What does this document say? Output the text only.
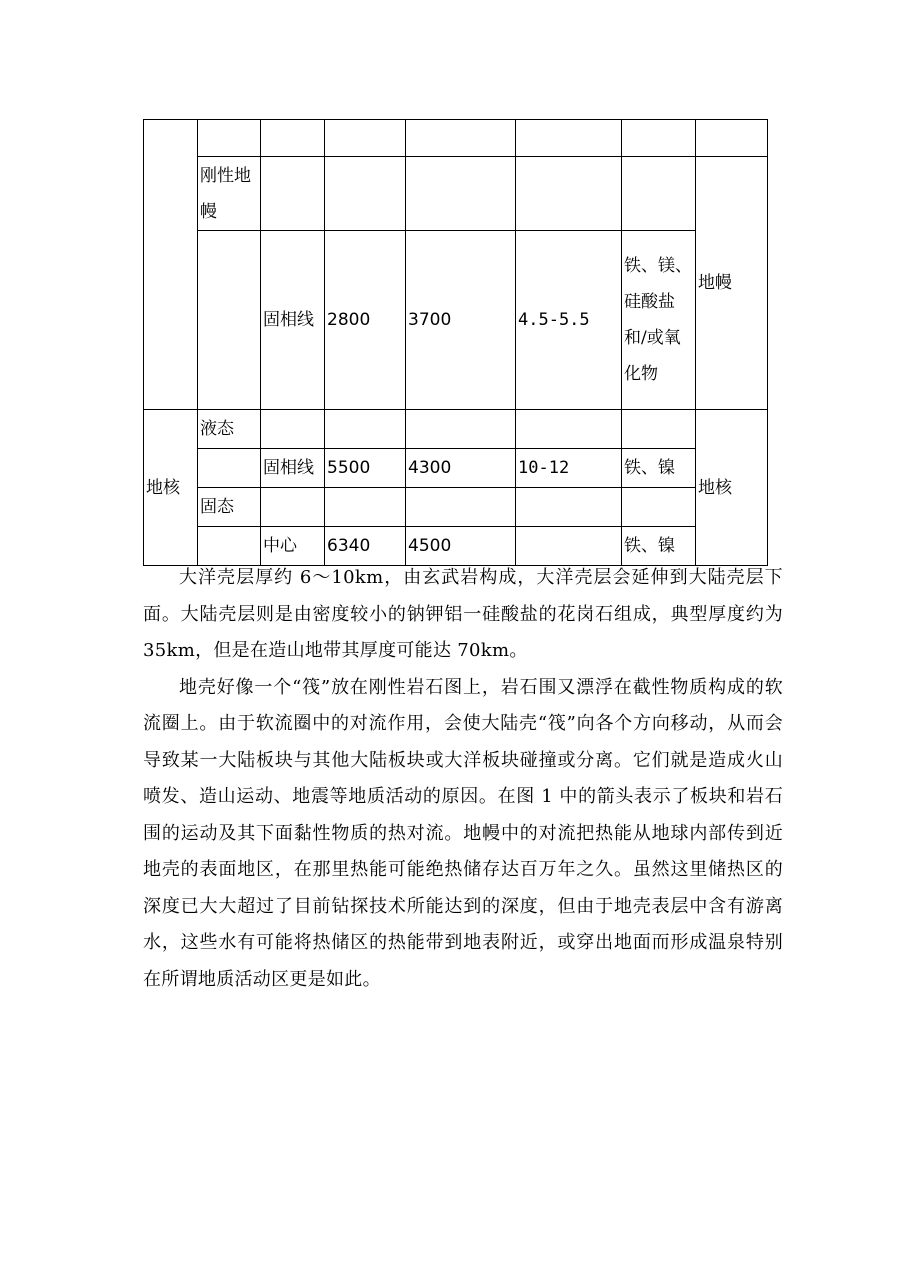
	刚性地幔						地幔
		固相线	2800	3700	4.5-5.5	铁、镁、硅酸盐和/或氧化物	
地核	液态						地核
		固相线	5500	4300	10-12	铁、镍	
	固态						
		中心	6340	4500		铁、镍	

大洋壳层厚约 6～10km，由玄武岩构成，大洋壳层会延伸到大陆壳层下面。大陆壳层则是由密度较小的钠钾铝一硅酸盐的花岗石组成，典型厚度约为 35km，但是在造山地带其厚度可能达 70km。

地壳好像一个“筏”放在刚性岩石图上，岩石围又漂浮在截性物质构成的软流圈上。由于软流圈中的对流作用，会使大陆壳“筏”向各个方向移动，从而会导致某一大陆板块与其他大陆板块或大洋板块碰撞或分离。它们就是造成火山喷发、造山运动、地震等地质活动的原因。在图 1 中的箭头表示了板块和岩石围的运动及其下面黏性物质的热对流。地幔中的对流把热能从地球内部传到近地壳的表面地区，在那里热能可能绝热储存达百万年之久。虽然这里储热区的深度已大大超过了目前钻探技术所能达到的深度，但由于地壳表层中含有游离水，这些水有可能将热储区的热能带到地表附近，或穿出地面而形成温泉特别在所谓地质活动区更是如此。
